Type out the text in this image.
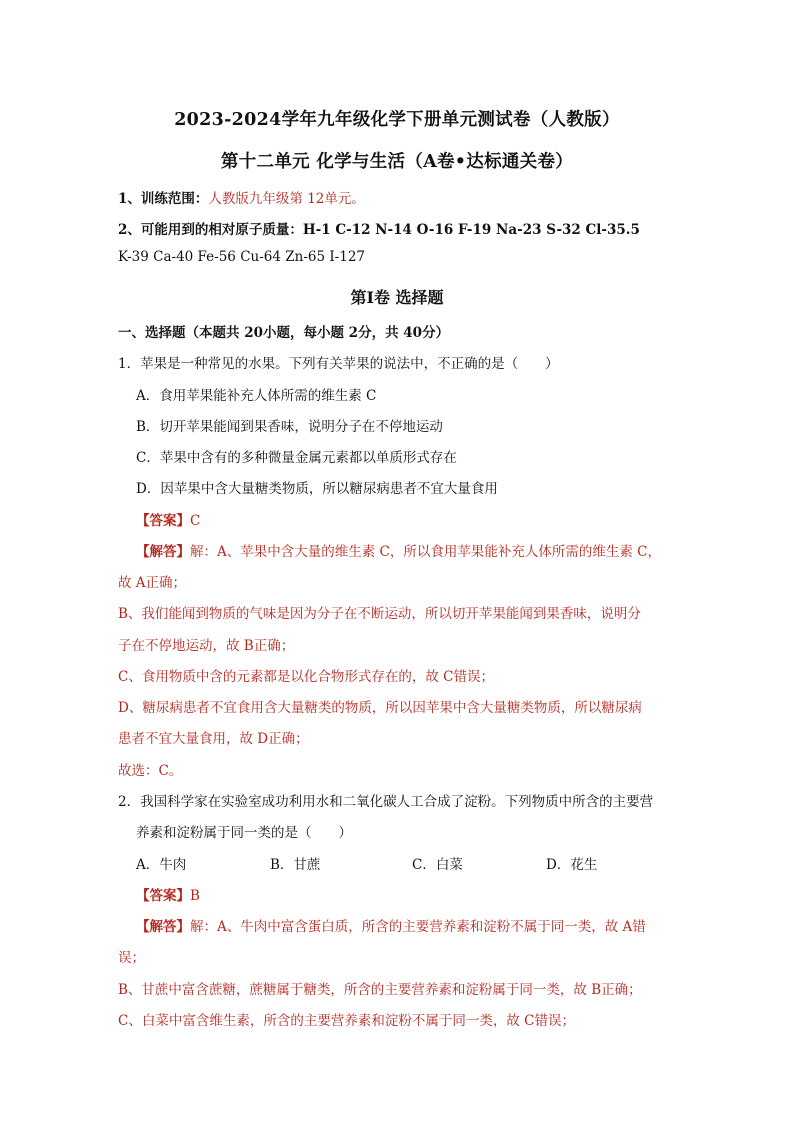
2023-2024学年九年级化学下册单元测试卷（人教版）
第十二单元 化学与生活（A卷•达标通关卷）
1、训练范围：人教版九年级第 12单元。
2、可能用到的相对原子质量：H-1 C-12 N-14 O-16 F-19 Na-23 S-32 Cl-35.5
K-39 Ca-40 Fe-56 Cu-64 Zn-65 I-127
第Ⅰ卷 选择题
一、选择题（本题共 20小题，每小题 2分，共 40分）
1．苹果是一种常见的水果。下列有关苹果的说法中，不正确的是（　　）
A．食用苹果能补充人体所需的维生素 C
B．切开苹果能闻到果香味，说明分子在不停地运动
C．苹果中含有的多种微量金属元素都以单质形式存在
D．因苹果中含大量糖类物质，所以糖尿病患者不宜大量食用
【答案】C
【解答】解：A、苹果中含大量的维生素 C，所以食用苹果能补充人体所需的维生素 C，
故 A正确；
B、我们能闻到物质的气味是因为分子在不断运动，所以切开苹果能闻到果香味，说明分
子在不停地运动，故 B正确；
C、食用物质中含的元素都是以化合物形式存在的，故 C错误；
D、糖尿病患者不宜食用含大量糖类的物质，所以因苹果中含大量糖类物质，所以糖尿病
患者不宜大量食用，故 D正确；
故选：C。
2．我国科学家在实验室成功利用水和二氧化碳人工合成了淀粉。下列物质中所含的主要营
养素和淀粉属于同一类的是（　　）
A．牛肉	B．甘蔗	C．白菜	D．花生
【答案】B
【解答】解：A、牛肉中富含蛋白质，所含的主要营养素和淀粉不属于同一类，故 A错
误；
B、甘蔗中富含蔗糖，蔗糖属于糖类，所含的主要营养素和淀粉属于同一类，故 B正确；
C、白菜中富含维生素，所含的主要营养素和淀粉不属于同一类，故 C错误；
